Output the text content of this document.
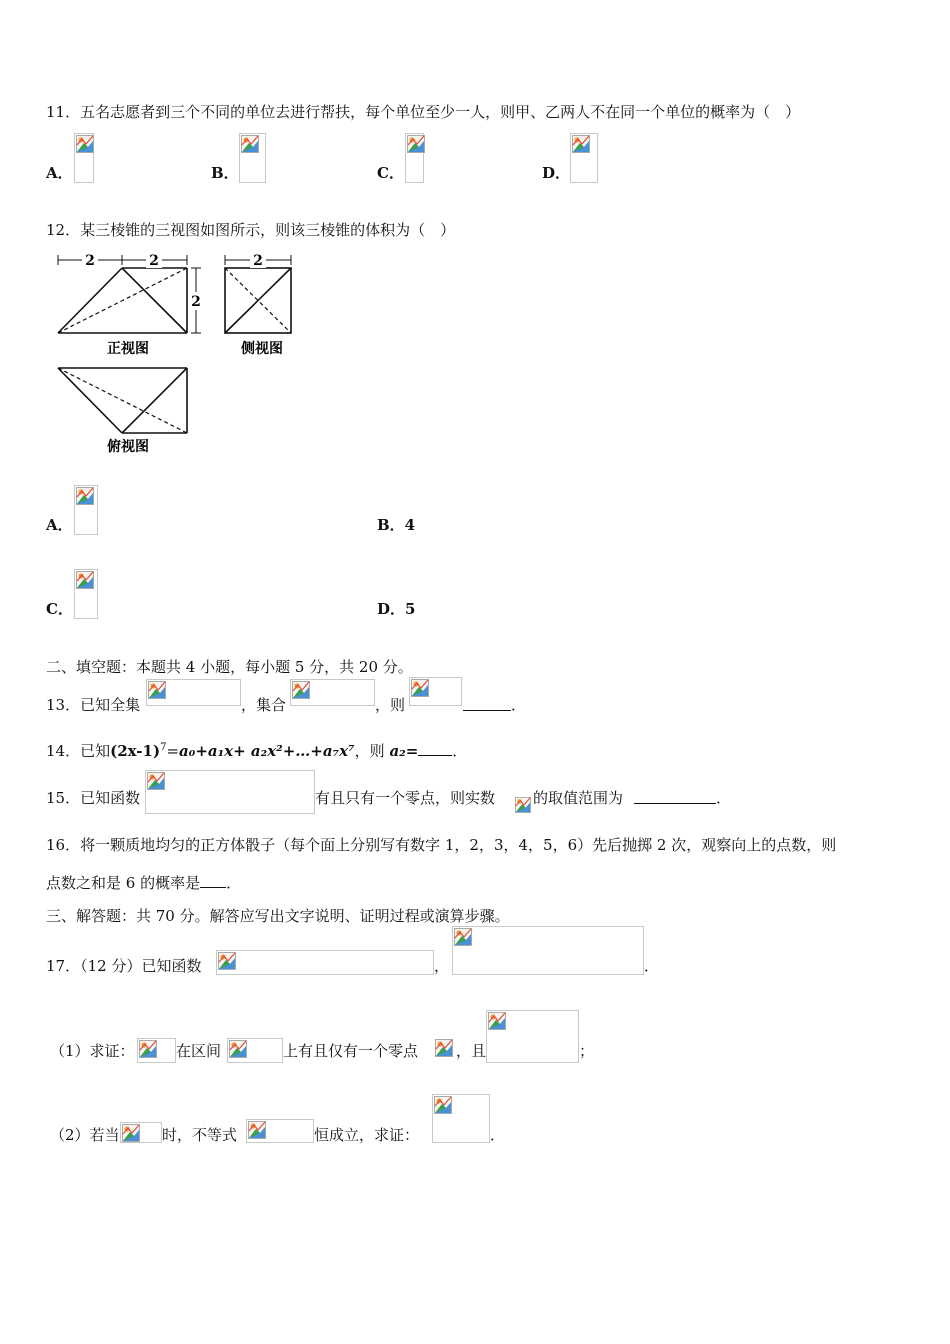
11．五名志愿者到三个不同的单位去进行帮扶，每个单位至少一人，则甲、乙两人不在同一个单位的概率为（　）
A．	B．	C．	D．
12．某三棱锥的三视图如图所示，则该三棱锥的体积为（　）
2	2
2
正视图
2
侧视图
俯视图
A．	B．4
C．	D．5
二、填空题：本题共 4 小题，每小题 5 分，共 20 分。
13．已知全集	，集合	，则	．
14．已知$(2x-1)^7=a_0+a_1x+$ a₂x²+…+a₇x⁷，则 a₂= ．
15．已知函数	有且只有一个零点，则实数	的取值范围为	．
16．将一颗质地均匀的正方体骰子（每个面上分别写有数字 1，2，3，4，5，6）先后抛掷 2 次，观察向上的点数，则
点数之和是 6 的概率是 ．
三、解答题：共 70 分。解答应写出文字说明、证明过程或演算步骤。
17．（12 分）已知函数	，	．
（1）求证：	在区间	上有且仅有一个零点	，且	；
（2）若当	时，不等式	恒成立，求证：	．
